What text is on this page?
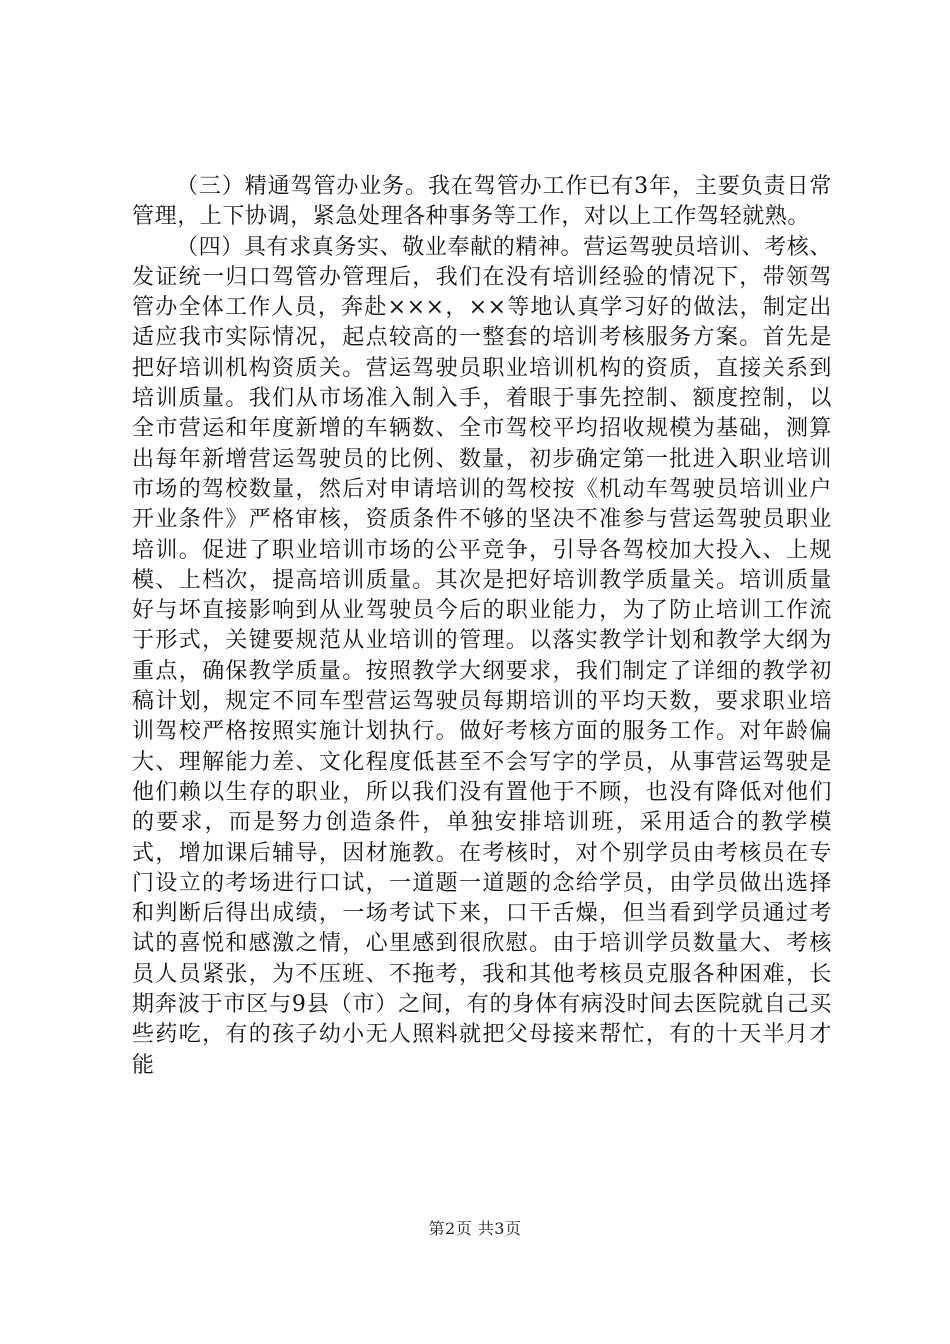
（三）精通驾管办业务。我在驾管办工作已有3年，主要负责日常管理，上下协调，紧急处理各种事务等工作，对以上工作驾轻就熟。

（四）具有求真务实、敬业奉献的精神。营运驾驶员培训、考核、发证统一归口驾管办管理后，我们在没有培训经验的情况下，带领驾管办全体工作人员，奔赴×××，××等地认真学习好的做法，制定出适应我市实际情况，起点较高的一整套的培训考核服务方案。首先是把好培训机构资质关。营运驾驶员职业培训机构的资质，直接关系到培训质量。我们从市场准入制入手，着眼于事先控制、额度控制，以全市营运和年度新增的车辆数、全市驾校平均招收规模为基础，测算出每年新增营运驾驶员的比例、数量，初步确定第一批进入职业培训市场的驾校数量，然后对申请培训的驾校按《机动车驾驶员培训业户开业条件》严格审核，资质条件不够的坚决不准参与营运驾驶员职业培训。促进了职业培训市场的公平竞争，引导各驾校加大投入、上规模、上档次，提高培训质量。其次是把好培训教学质量关。培训质量好与坏直接影响到从业驾驶员今后的职业能力，为了防止培训工作流于形式，关键要规范从业培训的管理。以落实教学计划和教学大纲为重点，确保教学质量。按照教学大纲要求，我们制定了详细的教学初稿计划，规定不同车型营运驾驶员每期培训的平均天数，要求职业培训驾校严格按照实施计划执行。做好考核方面的服务工作。对年龄偏大、理解能力差、文化程度低甚至不会写字的学员，从事营运驾驶是他们赖以生存的职业，所以我们没有置他于不顾，也没有降低对他们的要求，而是努力创造条件，单独安排培训班，采用适合的教学模式，增加课后辅导，因材施教。在考核时，对个别学员由考核员在专门设立的考场进行口试，一道题一道题的念给学员，由学员做出选择和判断后得出成绩，一场考试下来，口干舌燥，但当看到学员通过考试的喜悦和感激之情，心里感到很欣慰。由于培训学员数量大、考核员人员紧张，为不压班、不拖考，我和其他考核员克服各种困难，长期奔波于市区与9县（市）之间，有的身体有病没时间去医院就自己买些药吃，有的孩子幼小无人照料就把父母接来帮忙，有的十天半月才能

第2页 共3页
